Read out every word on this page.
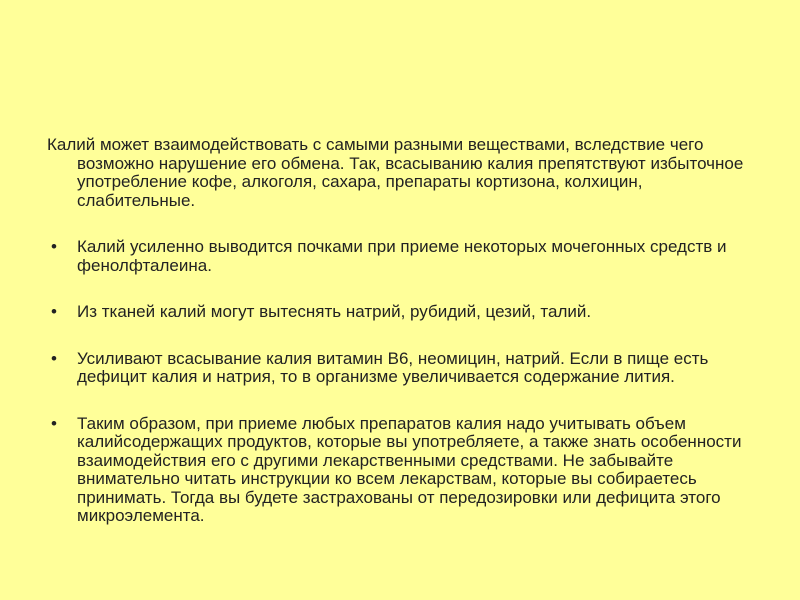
Калий может взаимодействовать с самыми разными веществами, вследствие чего
возможно нарушение его обмена. Так, всасыванию калия препятствуют избыточное употребление кофе, алкоголя, сахара, препараты кортизона, колхицин, слабительные.

• Калий усиленно выводится почками при приеме некоторых мочегонных средств и фенолфталеина.
• Из тканей калий могут вытеснять натрий, рубидий, цезий, талий.
• Усиливают всасывание калия витамин В6, неомицин, натрий. Если в пище есть дефицит калия и натрия, то в организме увеличивается содержание лития.
• Таким образом, при приеме любых препаратов калия надо учитывать объем калийсодержащих продуктов, которые вы употребляете, а также знать особенности взаимодействия его с другими лекарственными средствами. Не забывайте внимательно читать инструкции ко всем лекарствам, которые вы собираетесь принимать. Тогда вы будете застрахованы от передозировки или дефицита этого микроэлемента.
